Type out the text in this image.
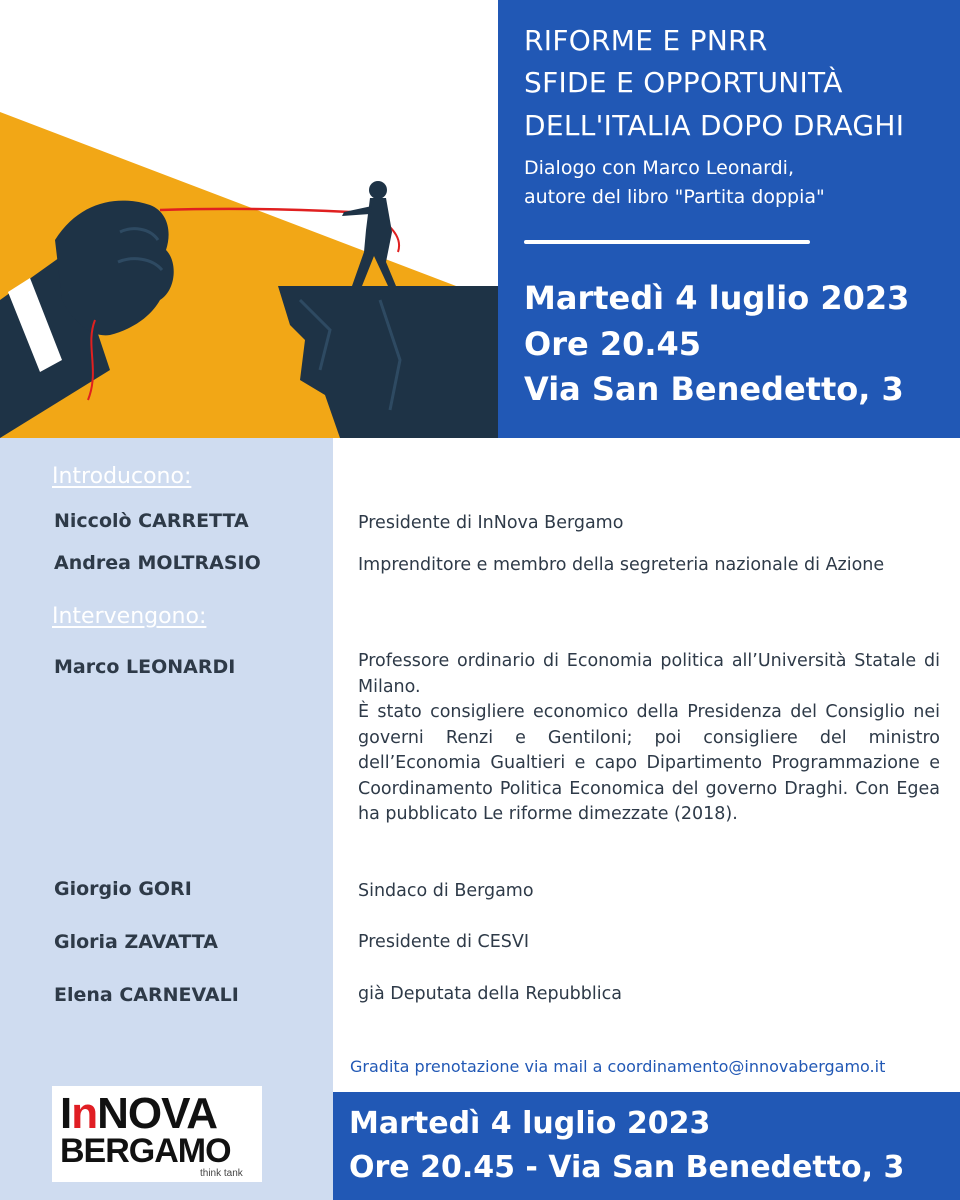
RIFORME E PNRR
SFIDE E OPPORTUNITÀ
DELL'ITALIA DOPO DRAGHI
Dialogo con Marco Leonardi,
autore del libro "Partita doppia"
Martedì 4 luglio 2023
Ore 20.45
Via San Benedetto, 3
Introducono:
Intervengono:
Niccolò CARRETTA	Presidente di InNova Bergamo
Andrea MOLTRASIO	Imprenditore e membro della segreteria nazionale di Azione
Marco LEONARDI	Professore ordinario di Economia politica all’Università Statale di Milano.
È stato consigliere economico della Presidenza del Consiglio nei governi Renzi e Gentiloni; poi consigliere del ministro dell’Economia Gualtieri e capo Dipartimento Programmazione e Coordinamento Politica Economica del governo Draghi. Con Egea ha pubblicato Le riforme dimezzate (2018).
Giorgio GORI	Sindaco di Bergamo
Gloria ZAVATTA	Presidente di CESVI
Elena CARNEVALI	già Deputata della Repubblica
Gradita prenotazione via mail a coordinamento@innovabergamo.it
InNOVA
BERGAMO
think tank
Martedì 4 luglio 2023
Ore 20.45 - Via San Benedetto, 3
